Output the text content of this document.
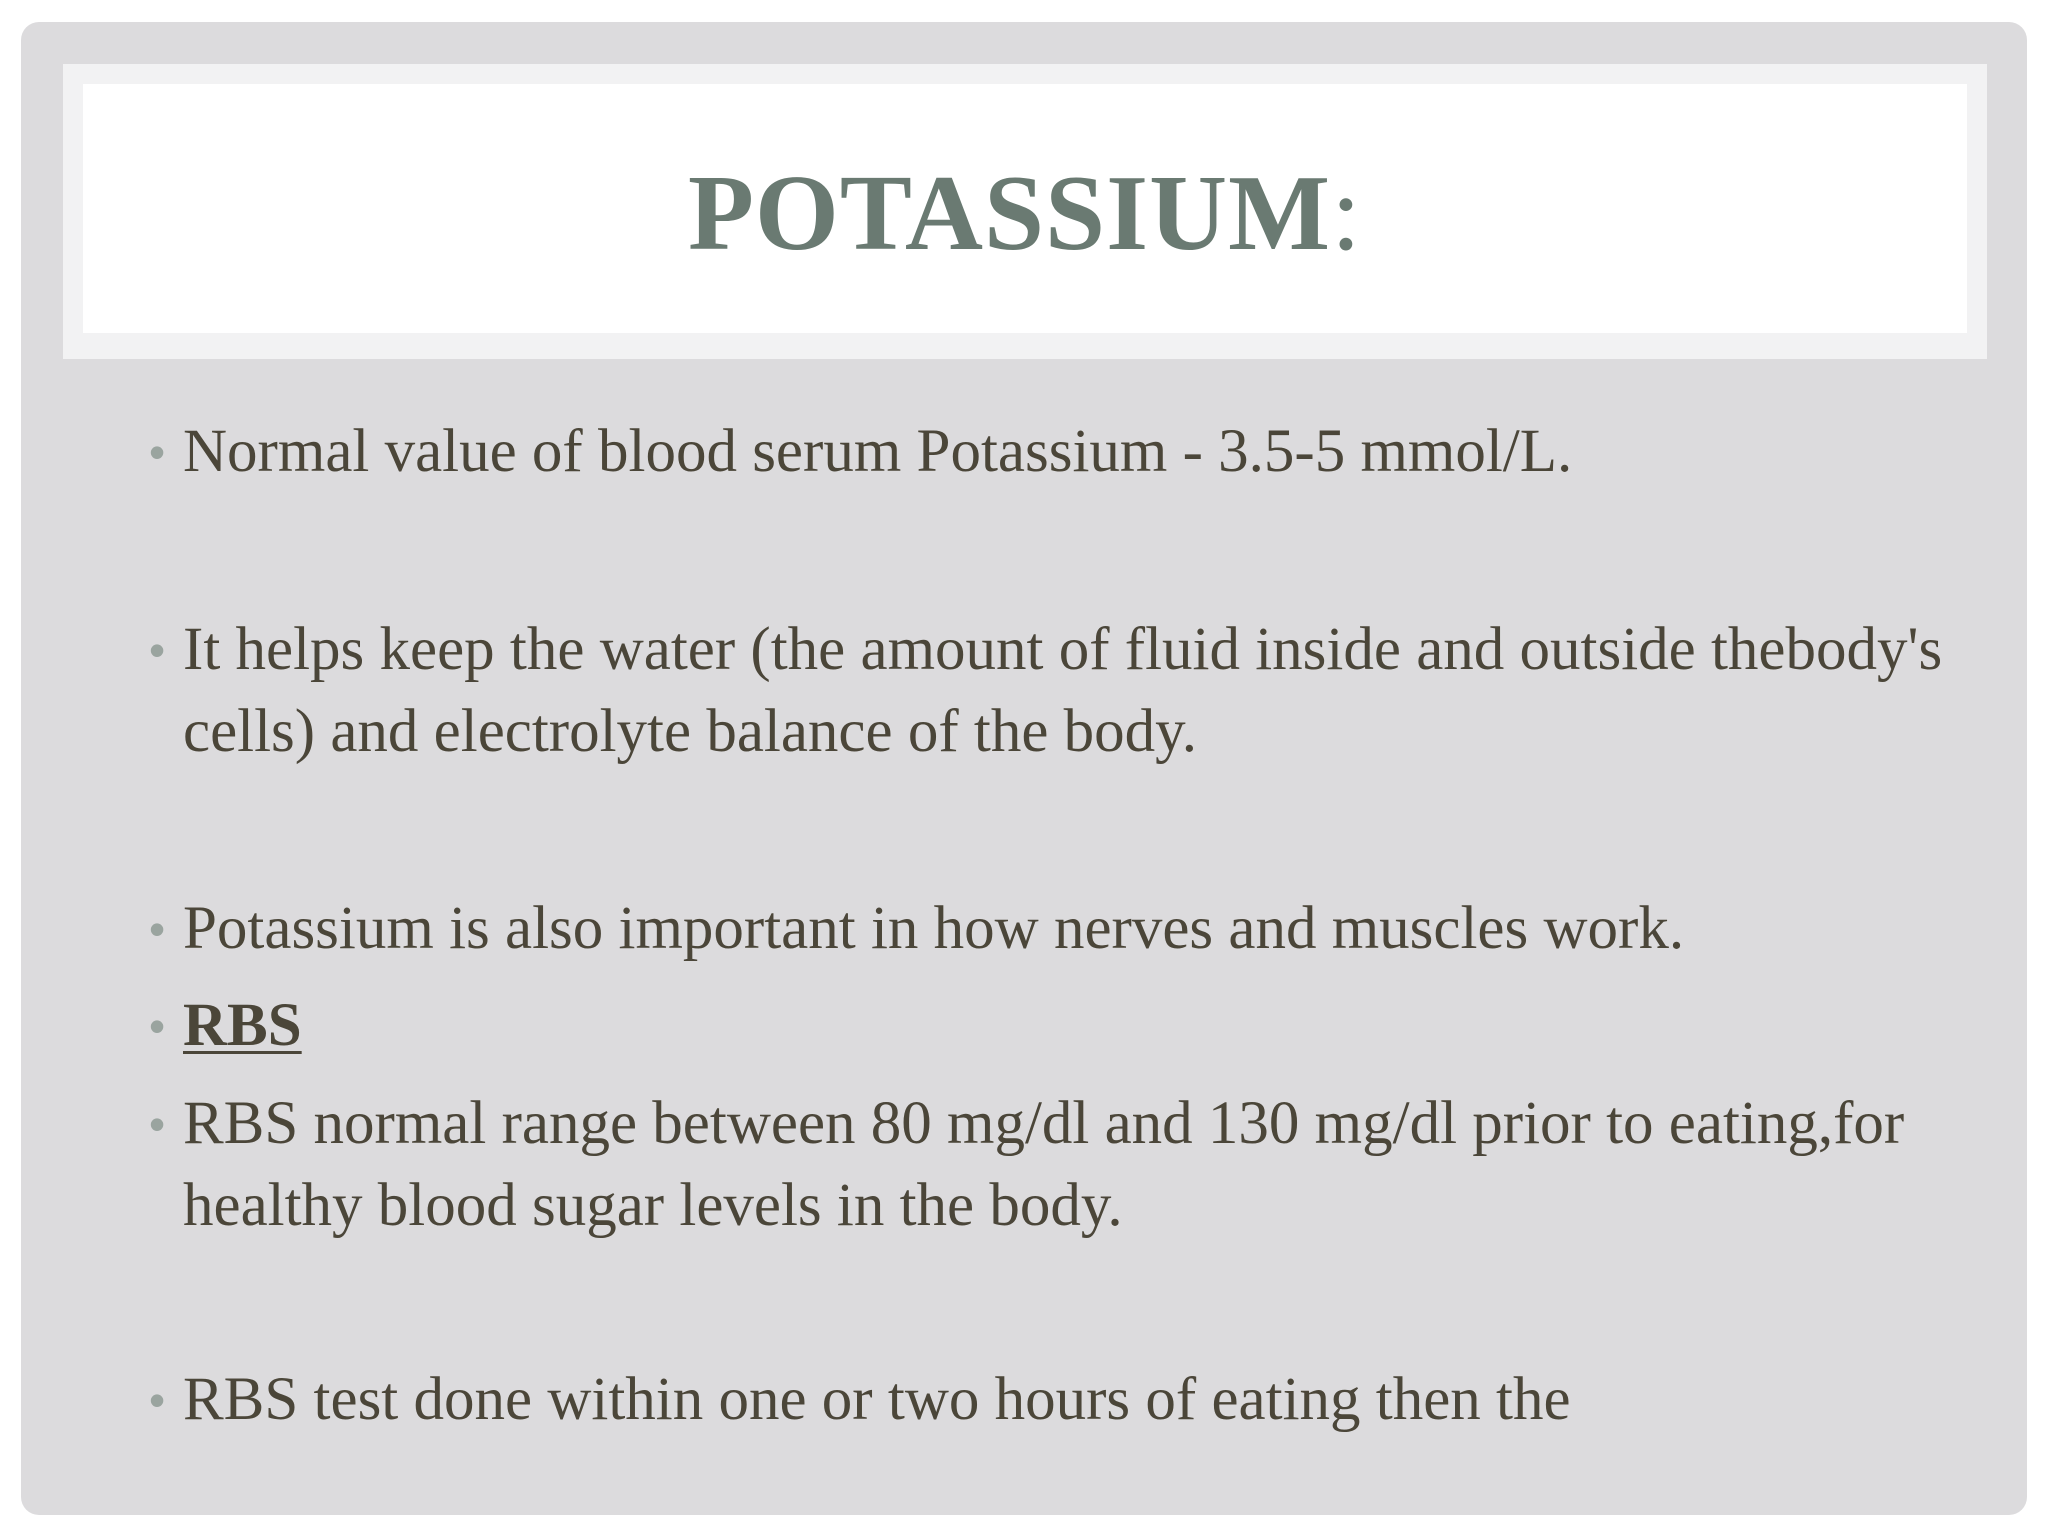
POTASSIUM:
• Normal value of blood serum Potassium - 3.5-5 mmol/L.
• It helps keep the water (the amount of fluid inside and outside thebody's cells) and electrolyte balance of the body.
• Potassium is also important in how nerves and muscles work.
• RBS
• RBS normal range between 80 mg/dl and 130 mg/dl prior to eating,for healthy blood sugar levels in the body.
• RBS test done within one or two hours of eating then the
